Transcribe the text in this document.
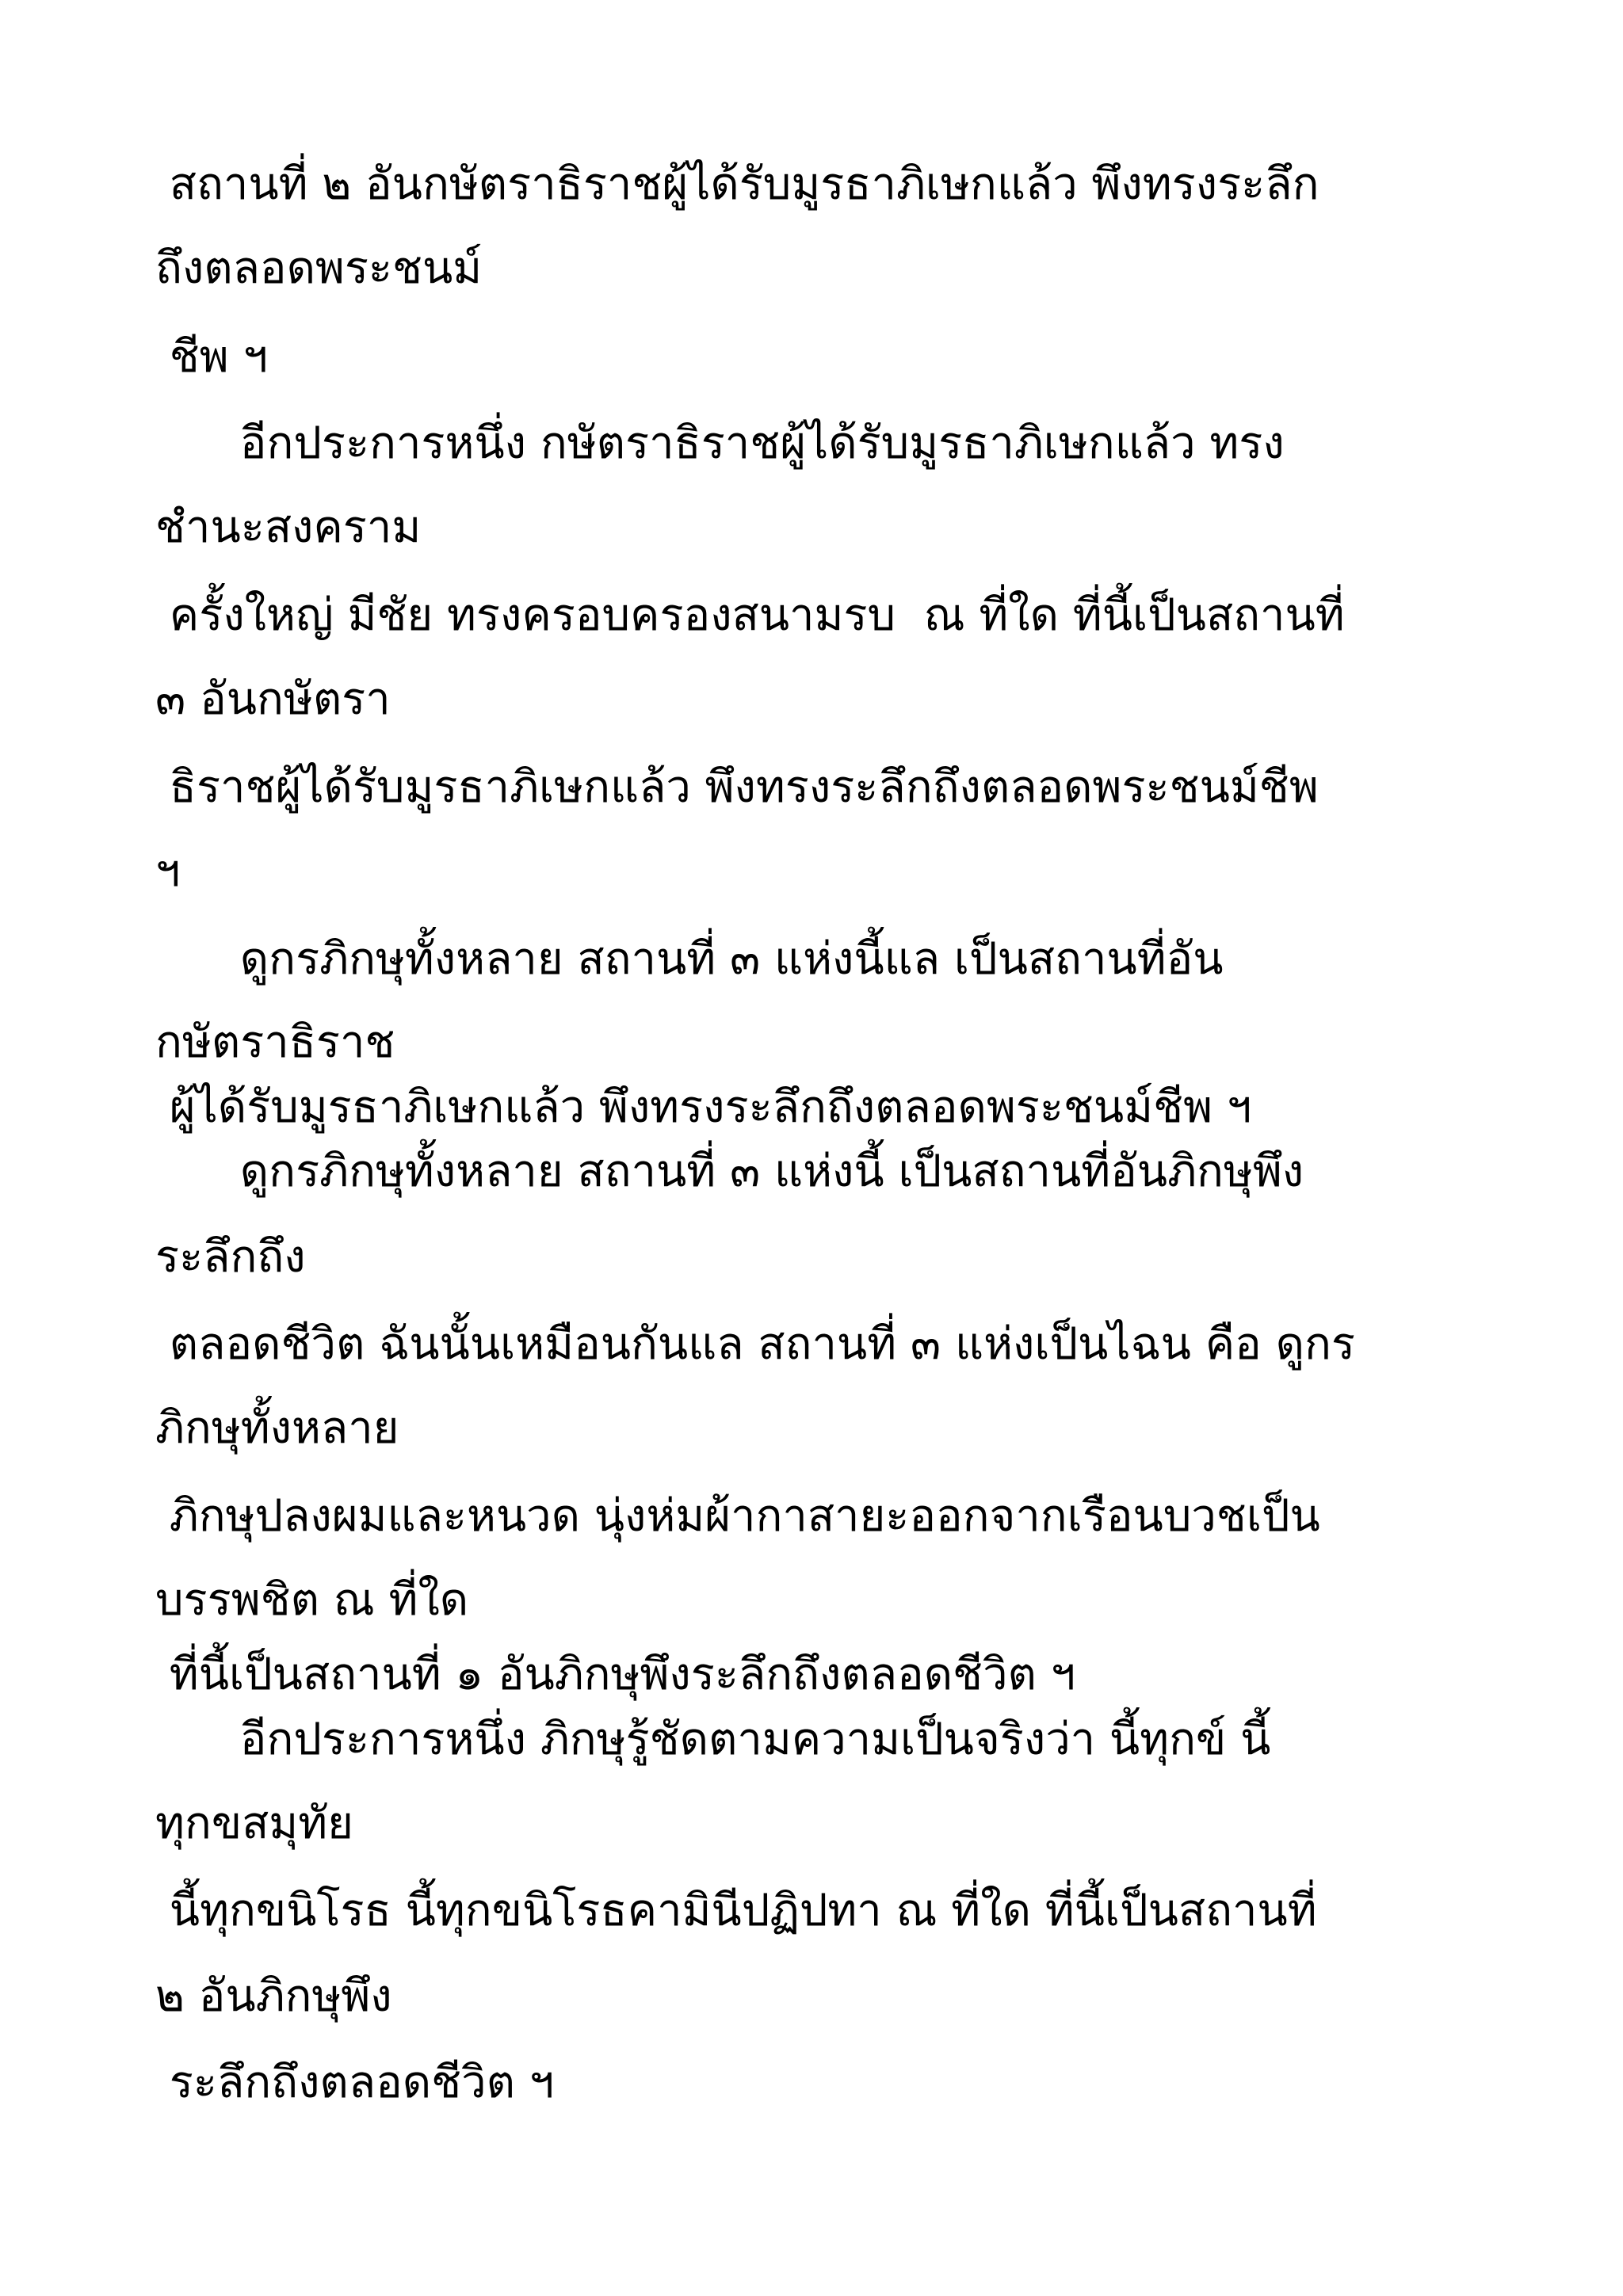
สถานที่ ๒ อันกษัตราธิราชผู้ได้รับมูรธาภิเษกแล้ว พึงทรงระลึก
ถึงตลอดพระชนม์
ชีพ ฯ
อีกประการหนึ่ง กษัตราธิราชผู้ได้รับมูรธาภิเษกแล้ว ทรง
ชำนะสงคราม
ครั้งใหญ่ มีชัย ทรงครอบครองสนามรบ  ณ ที่ใด ที่นี้เป็นสถานที่
๓ อันกษัตรา
ธิราชผู้ได้รับมูรธาภิเษกแล้ว พึงทรงระลึกถึงตลอดพระชนม์ชีพ
ฯ
ดูกรภิกษุทั้งหลาย สถานที่ ๓ แห่งนี้แล เป็นสถานที่อัน
กษัตราธิราช
ผู้ได้รับมูรธาภิเษกแล้ว พึงทรงระลึกถึงตลอดพระชนม์ชีพ ฯ
ดูกรภิกษุทั้งหลาย สถานที่ ๓ แห่งนี้ เป็นสถานที่อันภิกษุพึง
ระลึกถึง
ตลอดชีวิต ฉันนั้นเหมือนกันแล สถานที่ ๓ แห่งเป็นไฉน คือ ดูกร
ภิกษุทั้งหลาย
ภิกษุปลงผมและหนวด นุ่งห่มผ้ากาสายะออกจากเรือนบวชเป็น
บรรพชิต ณ ที่ใด
ที่นี้เป็นสถานที่ ๑ อันภิกษุพึงระลึกถึงตลอดชีวิต ฯ
อีกประการหนึ่ง ภิกษุรู้ชัดตามความเป็นจริงว่า นี้ทุกข์ นี้
ทุกขสมุทัย
นี้ทุกขนิโรธ นี้ทุกขนิโรธคามินีปฏิปทา ณ ที่ใด ที่นี้เป็นสถานที่
๒ อันภิกษุพึง
ระลึกถึงตลอดชีวิต ฯ
